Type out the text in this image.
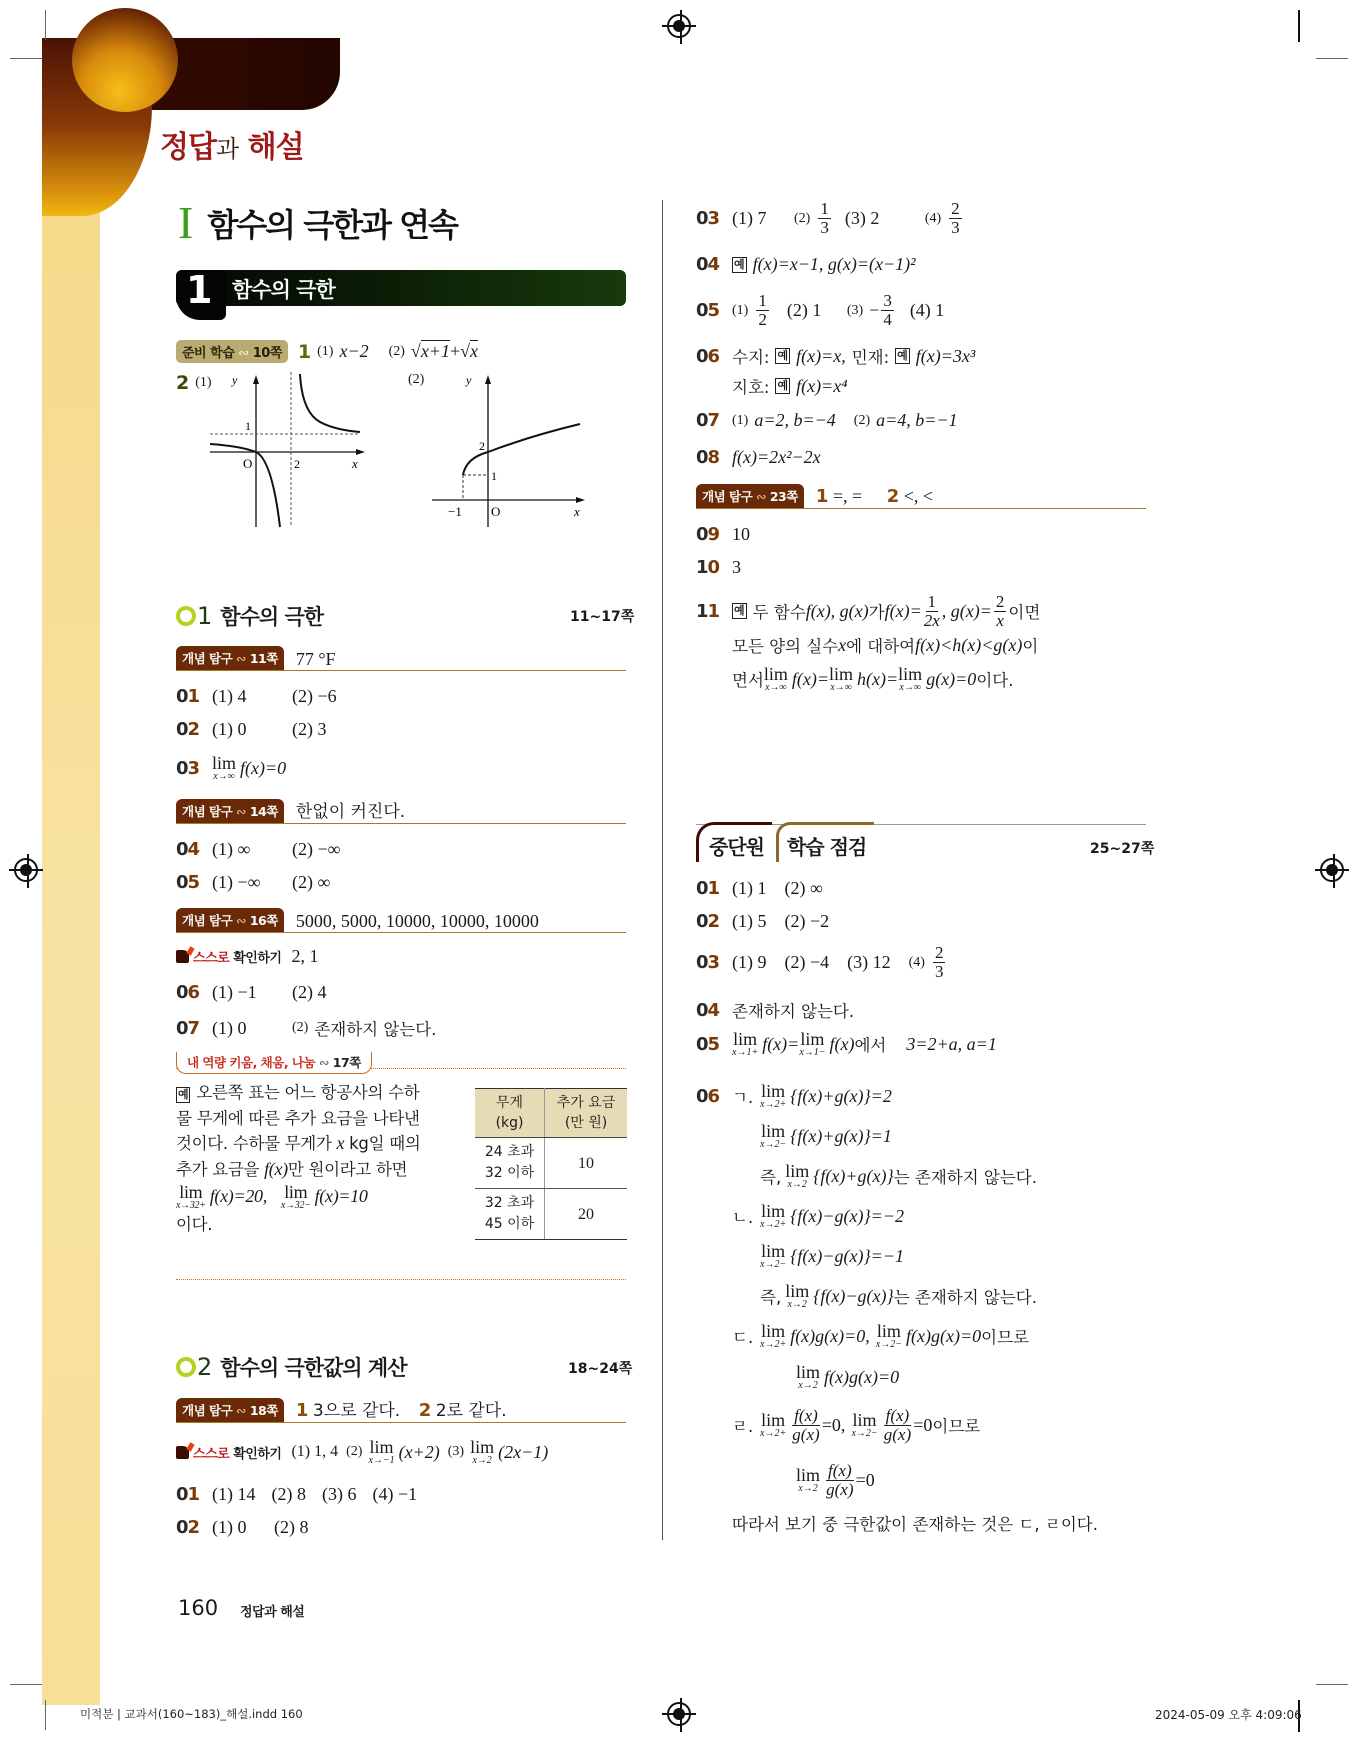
정답과 해설
I 함수의 극한과 연속
1 함수의 극한
준비 학습 ∾ 10쪽 1 (1) x−2 (2) √x+1+√x
2 (1)	(2)
y
1
O	2	x
y
2
1
−1 O	x
1 함수의 극한	11~17쪽
개념 탐구 ∾ 11쪽	77 °F
01 (1) 4	(2) −6
02 (1) 0	(2) 3
03 lim
x→∞ f(x)=0
개념 탐구 ∾ 14쪽	한없이 커진다.
04 (1) ∞	(2) −∞
05 (1) −∞	(2) ∞
개념 탐구 ∾ 16쪽	5000, 5000, 10000, 10000, 10000
스스로 확인하기 2, 1
06 (1) −1	(2) 4
07 (1) 0	(2) 존재하지 않는다.
내 역량 키움, 채움, 나눔 ∾ 17쪽
예 오른쪽 표는 어느 항공사의 수하
물 무게에 따른 추가 요금을 나타낸
것이다. 수하물 무게가 x kg일 때의
추가 요금을 f(x)만 원이라고 하면
lim
x→32+ f(x)=20, lim
x→32− f(x)=10
이다.
무게
(kg)	추가 요금
(만 원)
24 초과
32 이하	10
32 초과
45 이하	20
2 함수의 극한값의 계산	18~24쪽
개념 탐구 ∾ 18쪽	1 3으로 같다. 2 2로 같다.
스스로 확인하기 (1) 1, 4 (2) lim
x→−1 (x+2) (3) lim
x→2 (2x−1)
01 (1) 14 (2) 8 (3) 6 (4) −1
02 (1) 0	(2) 8
03 (1) 7	$(2) \frac{1}{3} (3)$ 2	$(4) \frac{2}{3}$
04	예 f(x)=x−1, g(x)=(x−1)²
05 $(1) \frac{1}{2} (2)$ 1	$(3) - \frac{3}{4} (4)$ 1
06 수지: 예 f(x)=x, 민재: 예 f(x)=3x³
지호: 예 f(x)=x⁴
07 (1) a=2, b=−4 (2) a=4, b=−1
08 f(x)=2x²−2x
개념 탐구 ∾ 23쪽	1 =, = 2 <, <
09 10
10 3
11	예 두 함수 f(x), g(x) 가 $f(x)= \frac{1}{2x}$ , $g(x)= \frac{2}{x}$ 이면
모든 양의 실수 x 에 대하여 f(x)<h(x)<g(x) 이
면서 lim
x→∞ f(x)= lim
x→∞ h(x)= lim
x→∞ g(x)=0 이다.
중단원	학습 점검	25~27쪽
01 (1) 1 (2) ∞
02 (1) 5 (2) −2
03 (1) 9 (2) −4 (3) 12 $(4) \frac{2}{3}$
04 존재하지 않는다.
05 lim
x→1+ f(x)= lim
x→1− f(x) 에서 3=2+a, a=1
06 ㄱ. lim
x→2+ {f(x)+g(x)}=2
lim
x→2− {f(x)+g(x)}=1
즉, lim
x→2 {f(x)+g(x)} 는 존재하지 않는다.
ㄴ. lim
x→2+ {f(x)−g(x)}=−2
lim
x→2− {f(x)−g(x)}=−1
즉, lim
x→2 {f(x)−g(x)} 는 존재하지 않는다.
ㄷ. lim
x→2+ f(x)g(x)=0, lim
x→2− f(x)g(x)=0 이므로
lim
x→2 f(x)g(x)=0
ㄹ. lim
$x\to 2+ \frac{f(x)}{g(x)} =0$, lim
$x\to 2- \frac{f(x)}{g(x)} =0$ 이므로
lim
$x\to 2 \frac{f(x)}{g(x)} =0$
따라서 보기 중 극한값이 존재하는 것은 ㄷ, ㄹ이다.
160 정답과 해설
미적분 | 교과서(160~183)_해설.indd 160	2024-05-09 오후 4:09:06
